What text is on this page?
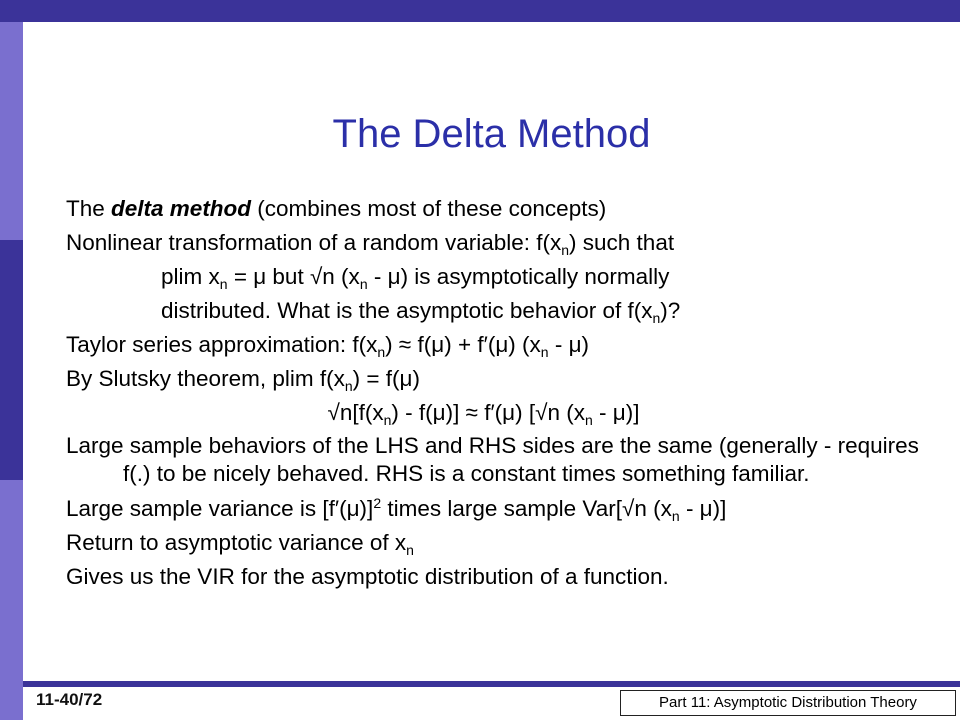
The Delta Method
The delta method (combines most of these concepts)
Nonlinear transformation of a random variable: $f(x_n)$ such that
plim $x_n = \mu$ but √n $(x_n - \mu)$ is asymptotically normally
distributed. What is the asymptotic behavior of $f(x_n)$?
Taylor series approximation: $f(x_n) \approx f(\mu) + f'(\mu)$ $(x_n - \mu)$
By Slutsky theorem, plim $f(x_n) = f(\mu)$
$√n[f(x_n) - f(\mu)] \approx f'(\mu)$ [√n $(x_n - \mu)$]
Large sample behaviors of the LHS and RHS sides are the same (generally - requires f(.) to be nicely behaved. RHS is a constant times something familiar.
Large sample variance is $[f'(\mu)]^2$ times large sample Var[√n $(x_n - \mu)$]
Return to asymptotic variance of $x_n$
Gives us the VIR for the asymptotic distribution of a function.
11-40/72	Part 11: Asymptotic Distribution Theory
